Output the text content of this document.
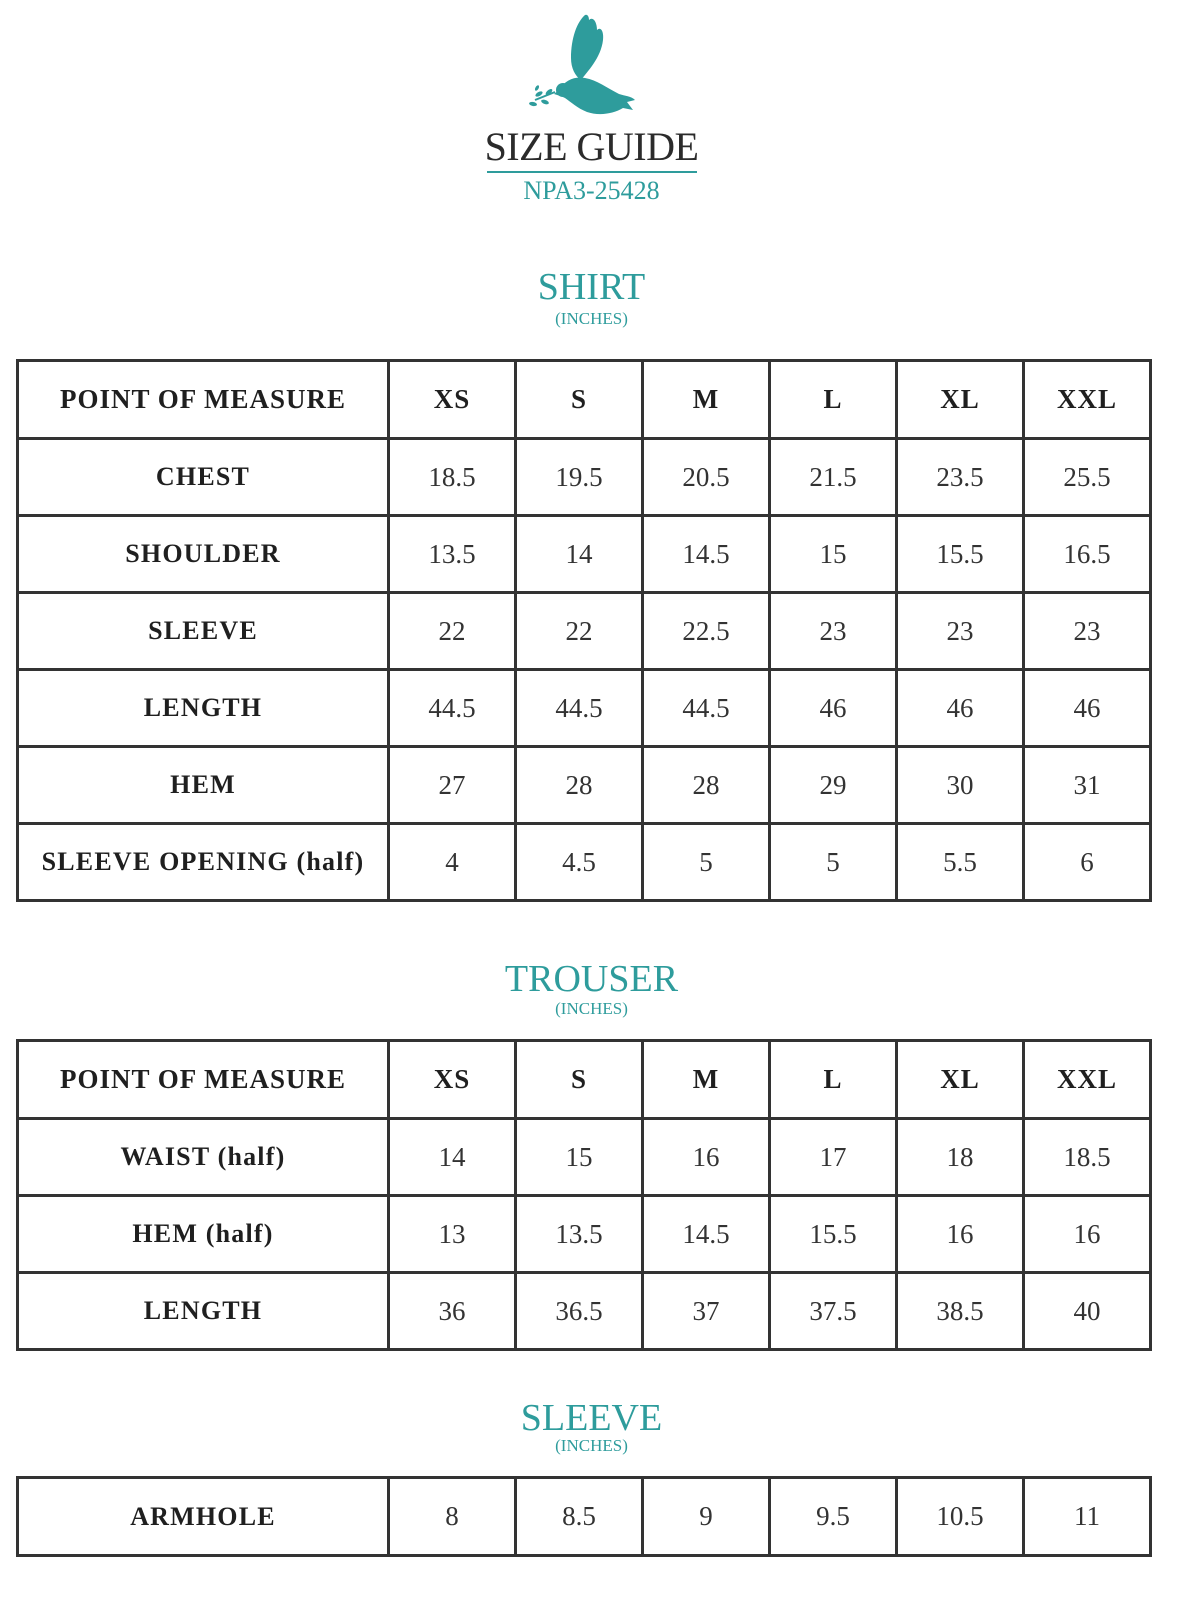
SIZE GUIDE
NPA3-25428
SHIRT
(INCHES)
POINT OF MEASURE	XS	S	M	L	XL	XXL
CHEST	18.5	19.5	20.5	21.5	23.5	25.5
SHOULDER	13.5	14	14.5	15	15.5	16.5
SLEEVE	22	22	22.5	23	23	23
LENGTH	44.5	44.5	44.5	46	46	46
HEM	27	28	28	29	30	31
SLEEVE OPENING (half)	4	4.5	5	5	5.5	6
TROUSER
(INCHES)
POINT OF MEASURE	XS	S	M	L	XL	XXL
WAIST (half)	14	15	16	17	18	18.5
HEM (half)	13	13.5	14.5	15.5	16	16
LENGTH	36	36.5	37	37.5	38.5	40
SLEEVE
(INCHES)
ARMHOLE	8	8.5	9	9.5	10.5	11
